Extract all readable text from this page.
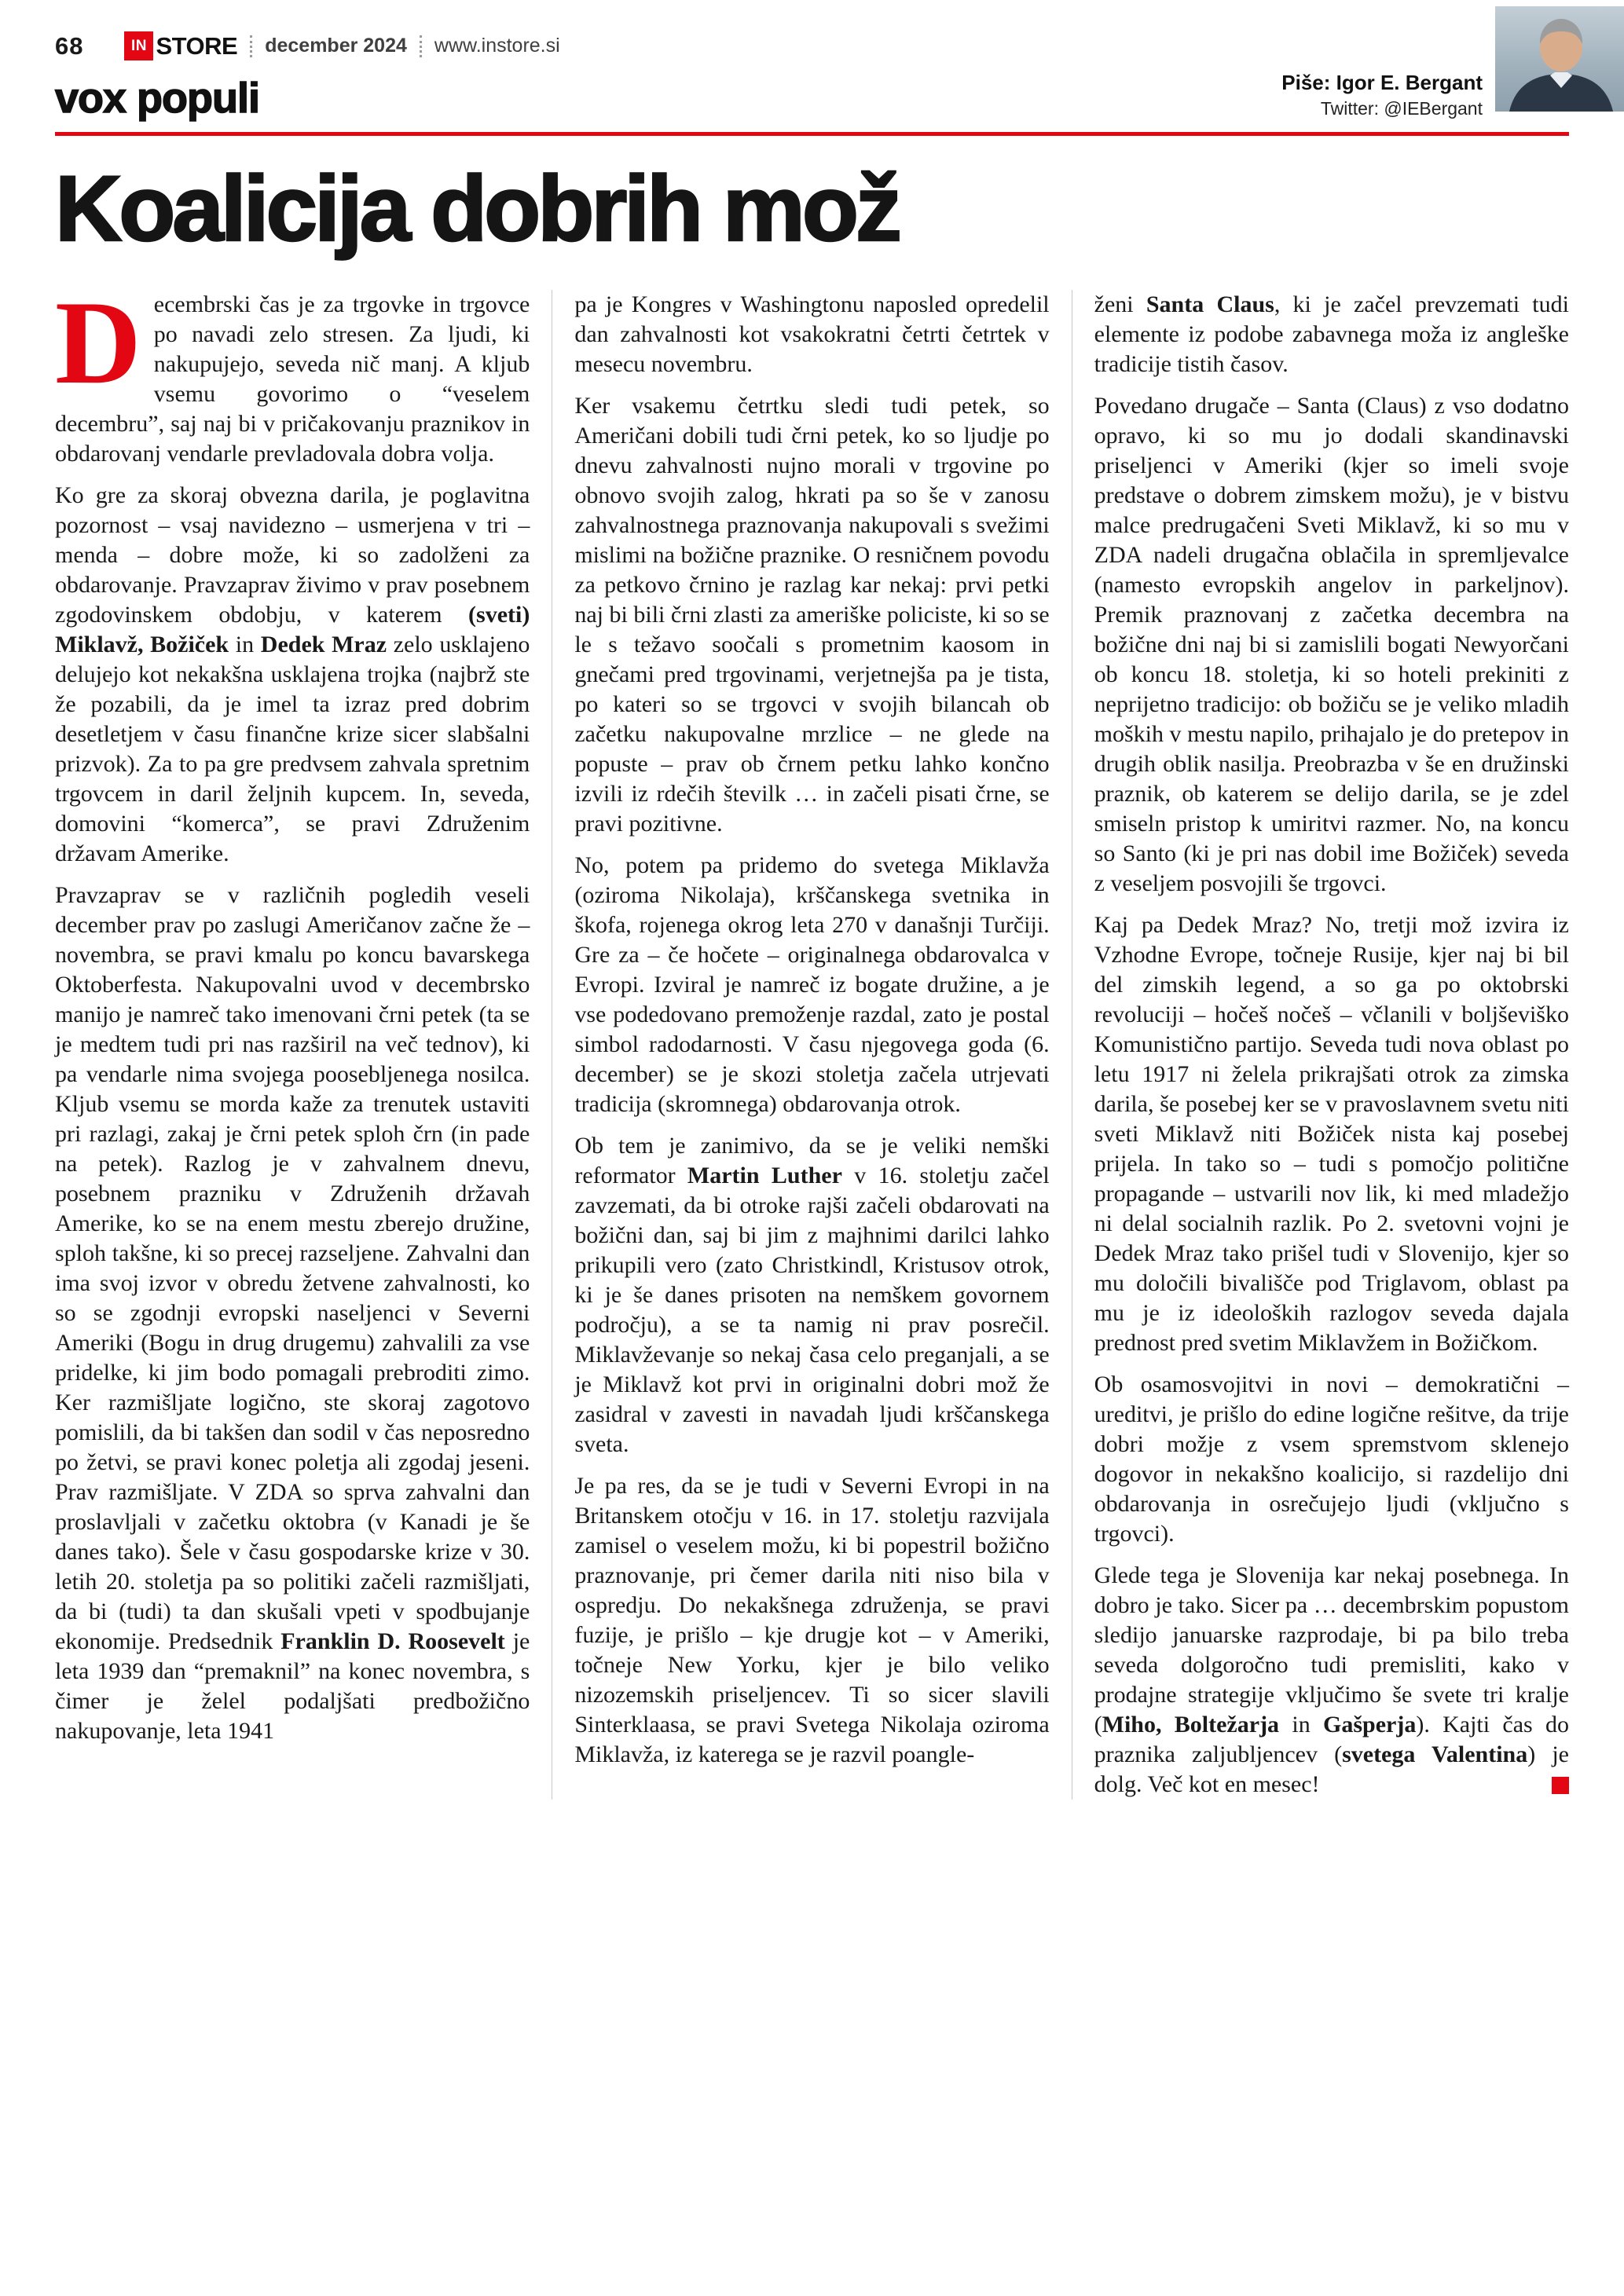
68	IN STORE december 2024 www.instore.si
vox populi	Piše: Igor E. Bergant
Twitter: @IEBergant
Koalicija dobrih mož

Decembrski čas je za trgovke in trgovce po navadi zelo stresen. Za ljudi, ki nakupujejo, seveda nič manj. A kljub vsemu govorimo o “veselem decembru”, saj naj bi v pričakovanju praznikov in obdarovanj vendarle prevladovala dobra volja.

Ko gre za skoraj obvezna darila, je poglavitna pozornost – vsaj navidezno – usmerjena v tri – menda – dobre može, ki so zadolženi za obdarovanje. Pravzaprav živimo v prav posebnem zgodovinskem obdobju, v katerem (sveti) Miklavž, Božiček in Dedek Mraz zelo usklajeno delujejo kot nekakšna usklajena trojka (najbrž ste že pozabili, da je imel ta izraz pred dobrim desetletjem v času finančne krize sicer slabšalni prizvok). Za to pa gre predvsem zahvala spretnim trgovcem in daril željnih kupcem. In, seveda, domovini “komerca”, se pravi Združenim državam Amerike.

Pravzaprav se v različnih pogledih veseli december prav po zaslugi Američanov začne že – novembra, se pravi kmalu po koncu bavarskega Oktoberfesta. Nakupovalni uvod v decembrsko manijo je namreč tako imenovani črni petek (ta se je medtem tudi pri nas razširil na več tednov), ki pa vendarle nima svojega poosebljenega nosilca. Kljub vsemu se morda kaže za trenutek ustaviti pri razlagi, zakaj je črni petek sploh črn (in pade na petek). Razlog je v zahvalnem dnevu, posebnem prazniku v Združenih državah Amerike, ko se na enem mestu zberejo družine, sploh takšne, ki so precej razseljene. Zahvalni dan ima svoj izvor v obredu žetvene zahvalnosti, ko so se zgodnji evropski naseljenci v Severni Ameriki (Bogu in drug drugemu) zahvalili za vse pridelke, ki jim bodo pomagali prebroditi zimo. Ker razmišljate logično, ste skoraj zagotovo pomislili, da bi takšen dan sodil v čas neposredno po žetvi, se pravi konec poletja ali zgodaj jeseni. Prav razmišljate. V ZDA so sprva zahvalni dan proslavljali v začetku oktobra (v Kanadi je še danes tako). Šele v času gospodarske krize v 30. letih 20. stoletja pa so politiki začeli razmišljati, da bi (tudi) ta dan skušali vpeti v spodbujanje ekonomije. Predsednik Franklin D. Roosevelt je leta 1939 dan “premaknil” na konec novembra, s čimer je želel podaljšati predbožično nakupovanje, leta 1941

pa je Kongres v Washingtonu naposled opredelil dan zahvalnosti kot vsakokratni četrti četrtek v mesecu novembru.

Ker vsakemu četrtku sledi tudi petek, so Američani dobili tudi črni petek, ko so ljudje po dnevu zahvalnosti nujno morali v trgovine po obnovo svojih zalog, hkrati pa so še v zanosu zahvalnostnega praznovanja nakupovali s svežimi mislimi na božične praznike. O resničnem povodu za petkovo črnino je razlag kar nekaj: prvi petki naj bi bili črni zlasti za ameriške policiste, ki so se le s težavo soočali s prometnim kaosom in gnečami pred trgovinami, verjetnejša pa je tista, po kateri so se trgovci v svojih bilancah ob začetku nakupovalne mrzlice – ne glede na popuste – prav ob črnem petku lahko končno izvili iz rdečih številk … in začeli pisati črne, se pravi pozitivne.

No, potem pa pridemo do svetega Miklavža (oziroma Nikolaja), krščanskega svetnika in škofa, rojenega okrog leta 270 v današnji Turčiji. Gre za – če hočete – originalnega obdarovalca v Evropi. Izviral je namreč iz bogate družine, a je vse podedovano premoženje razdal, zato je postal simbol radodarnosti. V času njegovega goda (6. december) se je skozi stoletja začela utrjevati tradicija (skromnega) obdarovanja otrok.

Ob tem je zanimivo, da se je veliki nemški reformator Martin Luther v 16. stoletju začel zavzemati, da bi otroke rajši začeli obdarovati na božični dan, saj bi jim z majhnimi darilci lahko prikupili vero (zato Christkindl, Kristusov otrok, ki je še danes prisoten na nemškem govornem področju), a se ta namig ni prav posrečil. Miklavževanje so nekaj časa celo preganjali, a se je Miklavž kot prvi in originalni dobri mož že zasidral v zavesti in navadah ljudi krščanskega sveta.

Je pa res, da se je tudi v Severni Evropi in na Britanskem otočju v 16. in 17. stoletju razvijala zamisel o veselem možu, ki bi popestril božično praznovanje, pri čemer darila niti niso bila v ospredju. Do nekakšnega združenja, se pravi fuzije, je prišlo – kje drugje kot – v Ameriki, točneje New Yorku, kjer je bilo veliko nizozemskih priseljencev. Ti so sicer slavili Sinterklaasa, se pravi Svetega Nikolaja oziroma Miklavža, iz katerega se je razvil poangle-

ženi Santa Claus, ki je začel prevzemati tudi elemente iz podobe zabavnega moža iz angleške tradicije tistih časov.

Povedano drugače – Santa (Claus) z vso dodatno opravo, ki so mu jo dodali skandinavski priseljenci v Ameriki (kjer so imeli svoje predstave o dobrem zimskem možu), je v bistvu malce predrugačeni Sveti Miklavž, ki so mu v ZDA nadeli drugačna oblačila in spremljevalce (namesto evropskih angelov in parkeljnov). Premik praznovanj z začetka decembra na božične dni naj bi si zamislili bogati Newyorčani ob koncu 18. stoletja, ki so hoteli prekiniti z neprijetno tradicijo: ob božiču se je veliko mladih moških v mestu napilo, prihajalo je do pretepov in drugih oblik nasilja. Preobrazba v še en družinski praznik, ob katerem se delijo darila, se je zdel smiseln pristop k umiritvi razmer. No, na koncu so Santo (ki je pri nas dobil ime Božiček) seveda z veseljem posvojili še trgovci.

Kaj pa Dedek Mraz? No, tretji mož izvira iz Vzhodne Evrope, točneje Rusije, kjer naj bi bil del zimskih legend, a so ga po oktobrski revoluciji – hočeš nočeš – včlanili v boljševiško Komunistično partijo. Seveda tudi nova oblast po letu 1917 ni želela prikrajšati otrok za zimska darila, še posebej ker se v pravoslavnem svetu niti sveti Miklavž niti Božiček nista kaj posebej prijela. In tako so – tudi s pomočjo politične propagande – ustvarili nov lik, ki med mladežjo ni delal socialnih razlik. Po 2. svetovni vojni je Dedek Mraz tako prišel tudi v Slovenijo, kjer so mu določili bivališče pod Triglavom, oblast pa mu je iz ideoloških razlogov seveda dajala prednost pred svetim Miklavžem in Božičkom.

Ob osamosvojitvi in novi – demokratični – ureditvi, je prišlo do edine logične rešitve, da trije dobri možje z vsem spremstvom sklenejo dogovor in nekakšno koalicijo, si razdelijo dni obdarovanja in osrečujejo ljudi (vključno s trgovci).

Glede tega je Slovenija kar nekaj posebnega. In dobro je tako. Sicer pa … decembrskim popustom sledijo januarske razprodaje, bi pa bilo treba seveda dolgoročno tudi premisliti, kako v prodajne strategije vključimo še svete tri kralje (Miho, Boltežarja in Gašperja). Kajti čas do praznika zaljubljencev (svetega Valentina) je dolg. Več kot en mesec!
